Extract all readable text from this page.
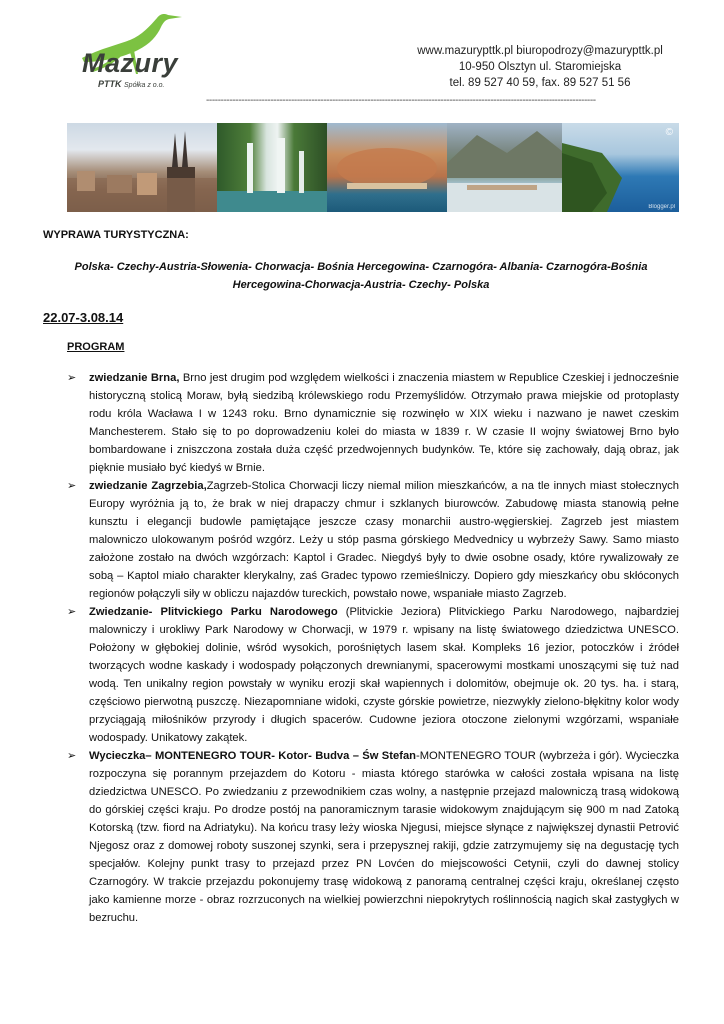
Mazury
PTTK Spółka z o.o.
www.mazurypttk.pl biuropodrozy@mazurypttk.pl
10-950 Olsztyn ul. Staromiejska
tel. 89 527 40 59, fax. 89 527 51 56
-------------------------------------------------------------------------------------------------------------------------------------
©
Blogger.pl
WYPRAWA TURYSTYCZNA:
Polska- Czechy-Austria-Słowenia- Chorwacja- Bośnia Hercegowina- Czarnogóra- Albania- Czarnogóra-Bośnia
Hercegowina-Chorwacja-Austria- Czechy- Polska
22.07-3.08.14
PROGRAM

➢ zwiedzanie Brna, Brno jest drugim pod względem wielkości i znaczenia miastem w Republice Czeskiej i jednocześnie historyczną stolicą Moraw, byłą siedzibą królewskiego rodu Przemyślidów. Otrzymało prawa miejskie od protoplasty rodu króla Wacława I w 1243 roku. Brno dynamicznie się rozwinęło w XIX wieku i nazwano je nawet czeskim Manchesterem. Stało się to po doprowadzeniu kolei do miasta w 1839 r. W czasie II wojny światowej Brno było bombardowane i zniszczona została duża część przedwojennych budynków. Te, które się zachowały, dają obraz, jak pięknie musiało być kiedyś w Brnie.

➢ zwiedzanie Zagrzebia,Zagrzeb-Stolica Chorwacji liczy niemal milion mieszkańców, a na tle innych miast stołecznych Europy wyróżnia ją to, że brak w niej drapaczy chmur i szklanych biurowców. Zabudowę miasta stanowią pełne kunsztu i elegancji budowle pamiętające jeszcze czasy monarchii austro-węgierskiej. Zagrzeb jest miastem malowniczo ulokowanym pośród wzgórz. Leży u stóp pasma górskiego Medvednicy u wybrzeży Sawy. Samo miasto założone zostało na dwóch wzgórzach: Kaptol i Gradec. Niegdyś były to dwie osobne osady, które rywalizowały ze sobą – Kaptol miało charakter klerykalny, zaś Gradec typowo rzemieślniczy. Dopiero gdy mieszkańcy obu skłóconych regionów połączyli siły w obliczu najazdów tureckich, powstało nowe, wspaniałe miasto Zagrzeb.

➢ Zwiedzanie- Plitvickiego Parku Narodowego (Plitvickie Jeziora) Plitvickiego Parku Narodowego, najbardziej malowniczy i urokliwy Park Narodowy w Chorwacji, w 1979 r. wpisany na listę światowego dziedzictwa UNESCO. Położony w głębokiej dolinie, wśród wysokich, porośniętych lasem skał. Kompleks 16 jezior, potoczków i źródeł tworzących wodne kaskady i wodospady połączonych drewnianymi, spacerowymi mostkami unoszącymi się tuż nad wodą. Ten unikalny region powstały w wyniku erozji skał wapiennych i dolomitów, obejmuje ok. 20 tys. ha. i starą, częściowo pierwotną puszczę. Niezapomniane widoki, czyste górskie powietrze, niezwykły zielono-błękitny kolor wody przyciągają miłośników przyrody i długich spacerów. Cudowne jeziora otoczone zielonymi wzgórzami, wspaniałe wodospady. Unikatowy zakątek.

➢ Wycieczka– MONTENEGRO TOUR- Kotor- Budva – Św Stefan-MONTENEGRO TOUR (wybrzeża i gór). Wycieczka rozpoczyna się porannym przejazdem do Kotoru - miasta którego starówka w całości została wpisana na listę dziedzictwa UNESCO. Po zwiedzaniu z przewodnikiem czas wolny, a następnie przejazd malowniczą trasą widokową do górskiej części kraju. Po drodze postój na panoramicznym tarasie widokowym znajdującym się 900 m nad Zatoką Kotorską (tzw. fiord na Adriatyku). Na końcu trasy leży wioska Njegusi, miejsce słynące z największej dynastii Petrović Njegosz oraz z domowej roboty suszonej szynki, sera i przepysznej rakiji, gdzie zatrzymujemy się na degustację tych specjałów. Kolejny punkt trasy to przejazd przez PN Lovćen do miejscowości Cetynii, czyli do dawnej stolicy Czarnogóry. W trakcie przejazdu pokonujemy trasę widokową z panoramą centralnej części kraju, określanej często jako kamienne morze - obraz rozrzuconych na wielkiej powierzchni niepokrytych roślinnością nagich skał zastygłych w bezruchu.
